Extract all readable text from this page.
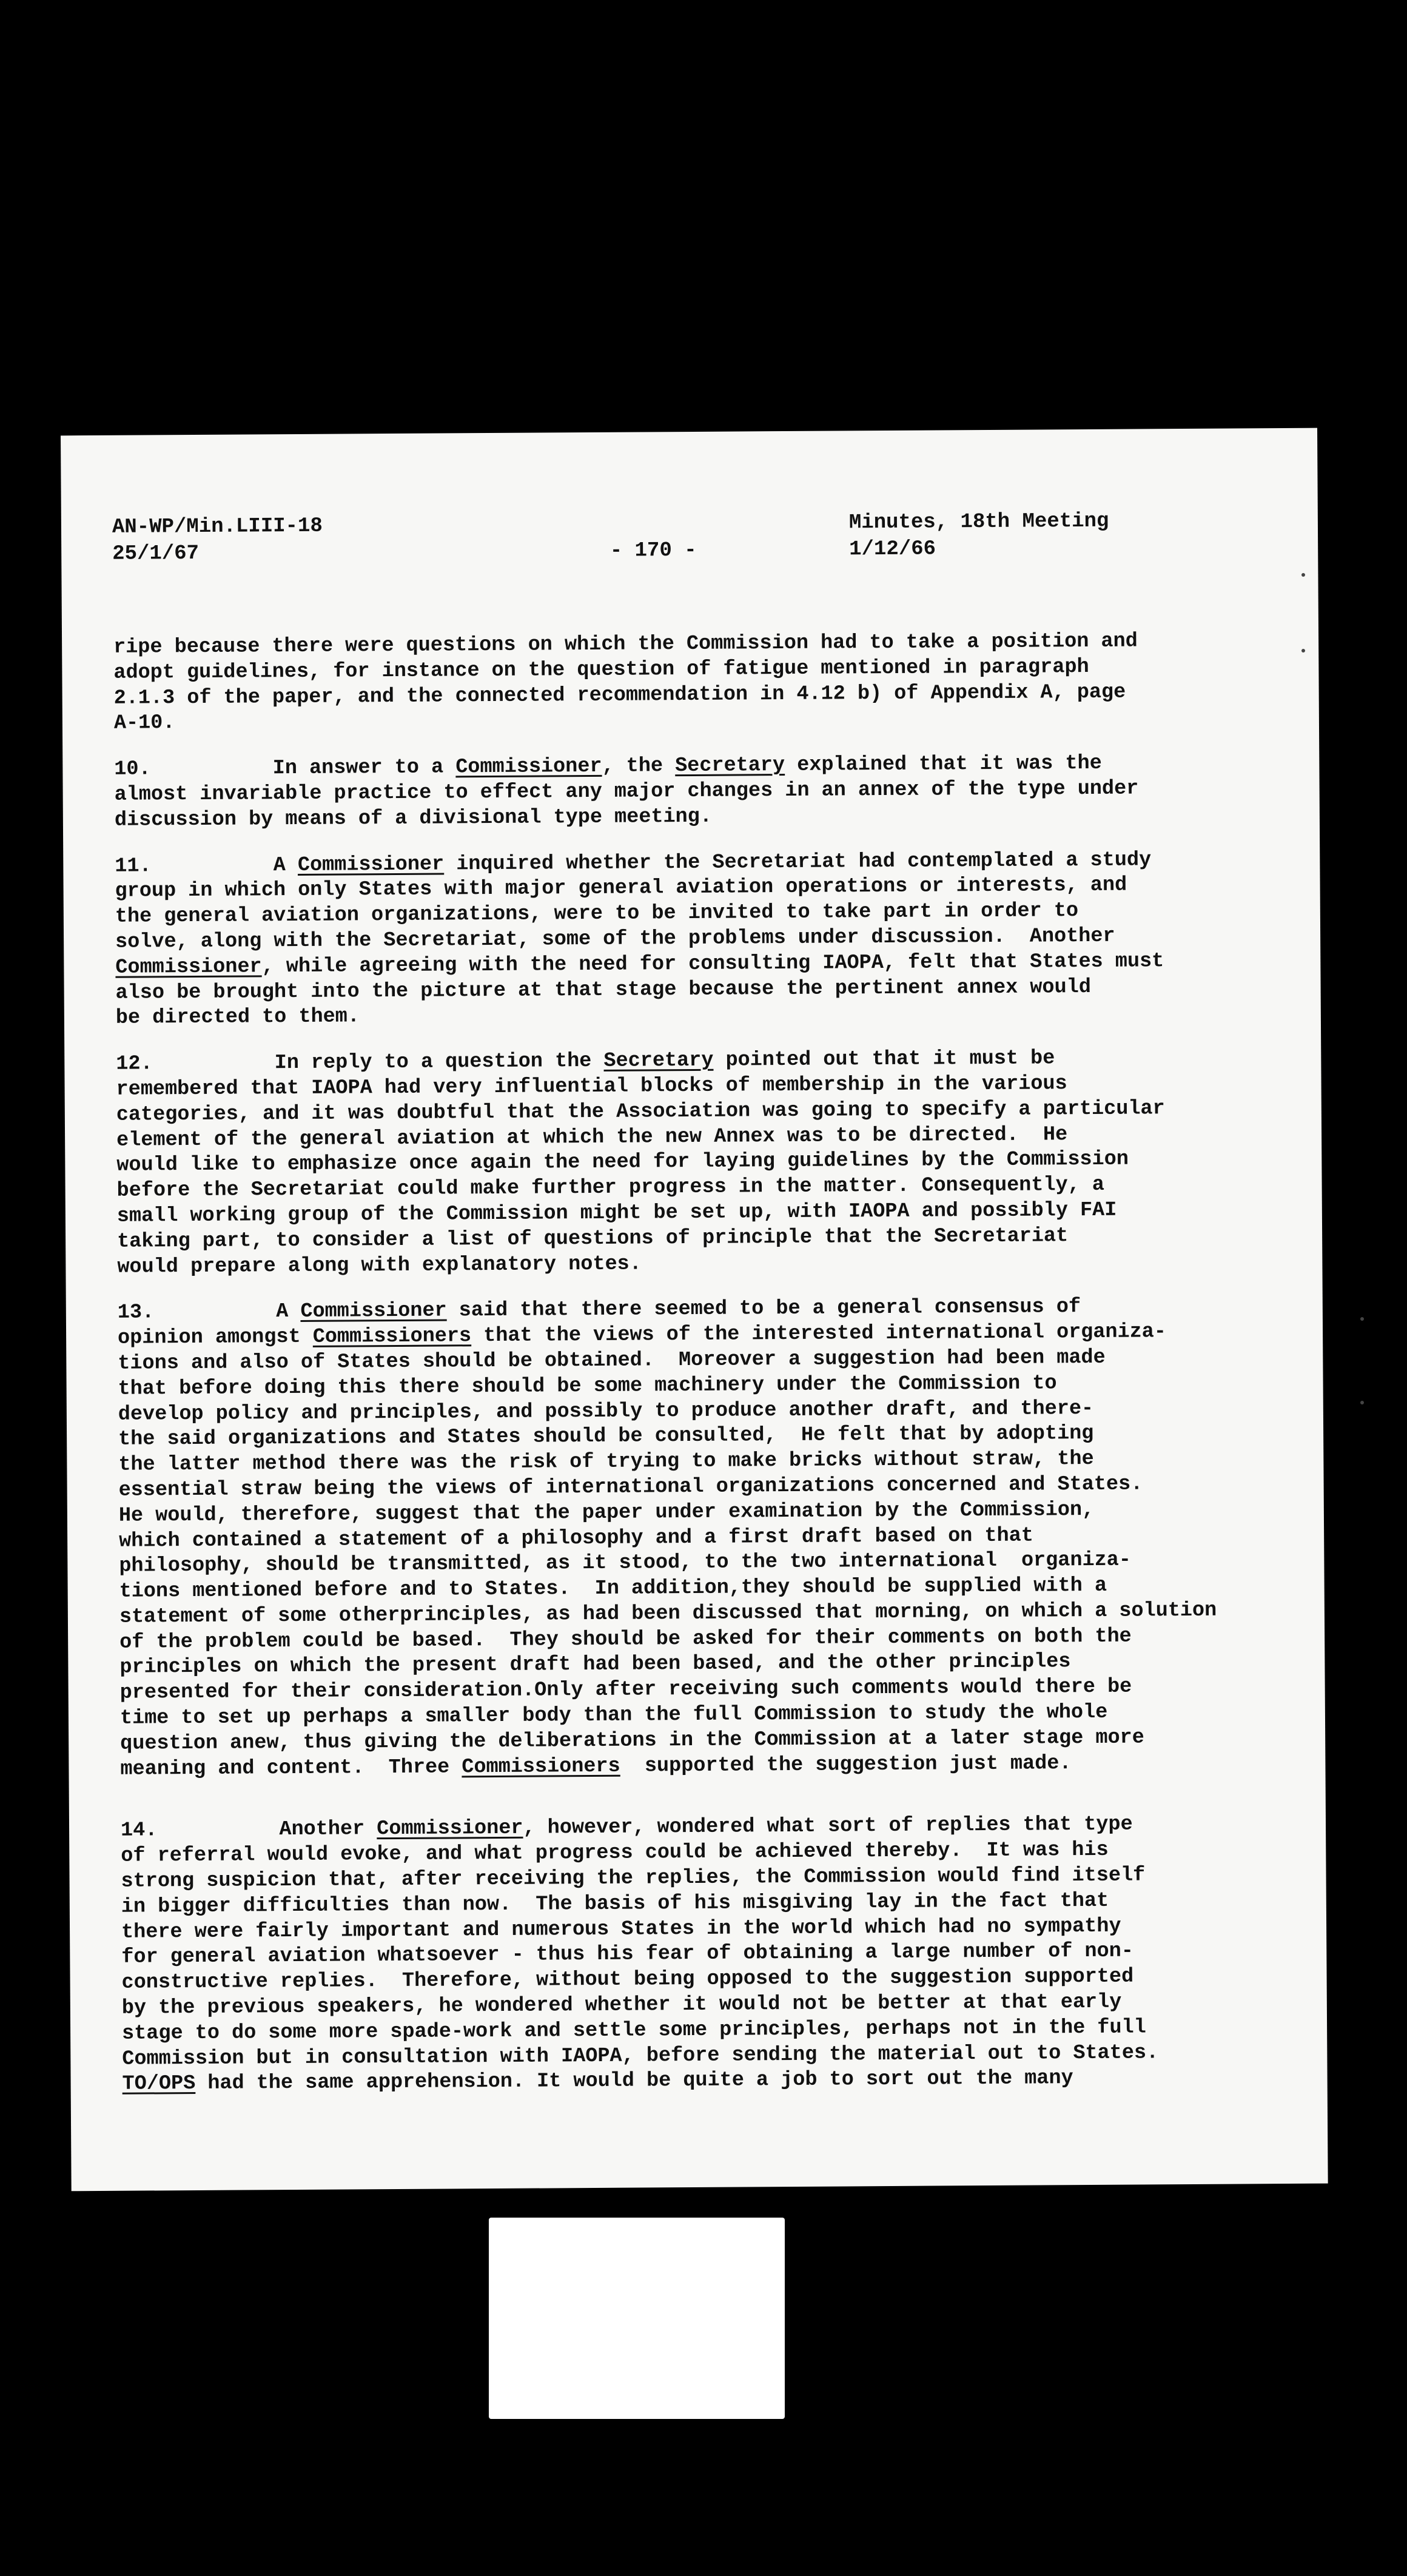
AN-WP/Min.LIII-18
25/1/67	- 170 -
Minutes, 18th Meeting
1/12/66
ripe because there were questions on which the Commission had to take a position and
adopt guidelines, for instance on the question of fatigue mentioned in paragraph
2.1.3 of the paper, and the connected recommendation in 4.12 b) of Appendix A, page
A-10.
10.          In answer to a Commissioner, the Secretary explained that it was the
almost invariable practice to effect any major changes in an annex of the type under
discussion by means of a divisional type meeting.
11.          A Commissioner inquired whether the Secretariat had contemplated a study
group in which only States with major general aviation operations or interests, and
the general aviation organizations, were to be invited to take part in order to
solve, along with the Secretariat, some of the problems under discussion.  Another
Commissioner, while agreeing with the need for consulting IAOPA, felt that States must
also be brought into the picture at that stage because the pertinent annex would
be directed to them.
12.          In reply to a question the Secretary pointed out that it must be
remembered that IAOPA had very influential blocks of membership in the various
categories, and it was doubtful that the Association was going to specify a particular
element of the general aviation at which the new Annex was to be directed.  He
would like to emphasize once again the need for laying guidelines by the Commission
before the Secretariat could make further progress in the matter. Consequently, a
small working group of the Commission might be set up, with IAOPA and possibly FAI
taking part, to consider a list of questions of principle that the Secretariat
would prepare along with explanatory notes.
13.          A Commissioner said that there seemed to be a general consensus of
opinion amongst Commissioners that the views of the interested international organiza-
tions and also of States should be obtained.  Moreover a suggestion had been made
that before doing this there should be some machinery under the Commission to
develop policy and principles, and possibly to produce another draft, and there-
the said organizations and States should be consulted,  He felt that by adopting
the latter method there was the risk of trying to make bricks without straw, the
essential straw being the views of international organizations concerned and States.
He would, therefore, suggest that the paper under examination by the Commission,
which contained a statement of a philosophy and a first draft based on that
philosophy, should be transmitted, as it stood, to the two international  organiza-
tions mentioned before and to States.  In addition,they should be supplied with a
statement of some otherprinciples, as had been discussed that morning, on which a solution
of the problem could be based.  They should be asked for their comments on both the
principles on which the present draft had been based, and the other principles
presented for their consideration.Only after receiving such comments would there be
time to set up perhaps a smaller body than the full Commission to study the whole
question anew, thus giving the deliberations in the Commission at a later stage more
meaning and content.  Three Commissioners  supported the suggestion just made.
14.          Another Commissioner, however, wondered what sort of replies that type
of referral would evoke, and what progress could be achieved thereby.  It was his
strong suspicion that, after receiving the replies, the Commission would find itself
in bigger difficulties than now.  The basis of his misgiving lay in the fact that
there were fairly important and numerous States in the world which had no sympathy
for general aviation whatsoever - thus his fear of obtaining a large number of non-
constructive replies.  Therefore, without being opposed to the suggestion supported
by the previous speakers, he wondered whether it would not be better at that early
stage to do some more spade-work and settle some principles, perhaps not in the full
Commission but in consultation with IAOPA, before sending the material out to States.
TO/OPS had the same apprehension. It would be quite a job to sort out the many
